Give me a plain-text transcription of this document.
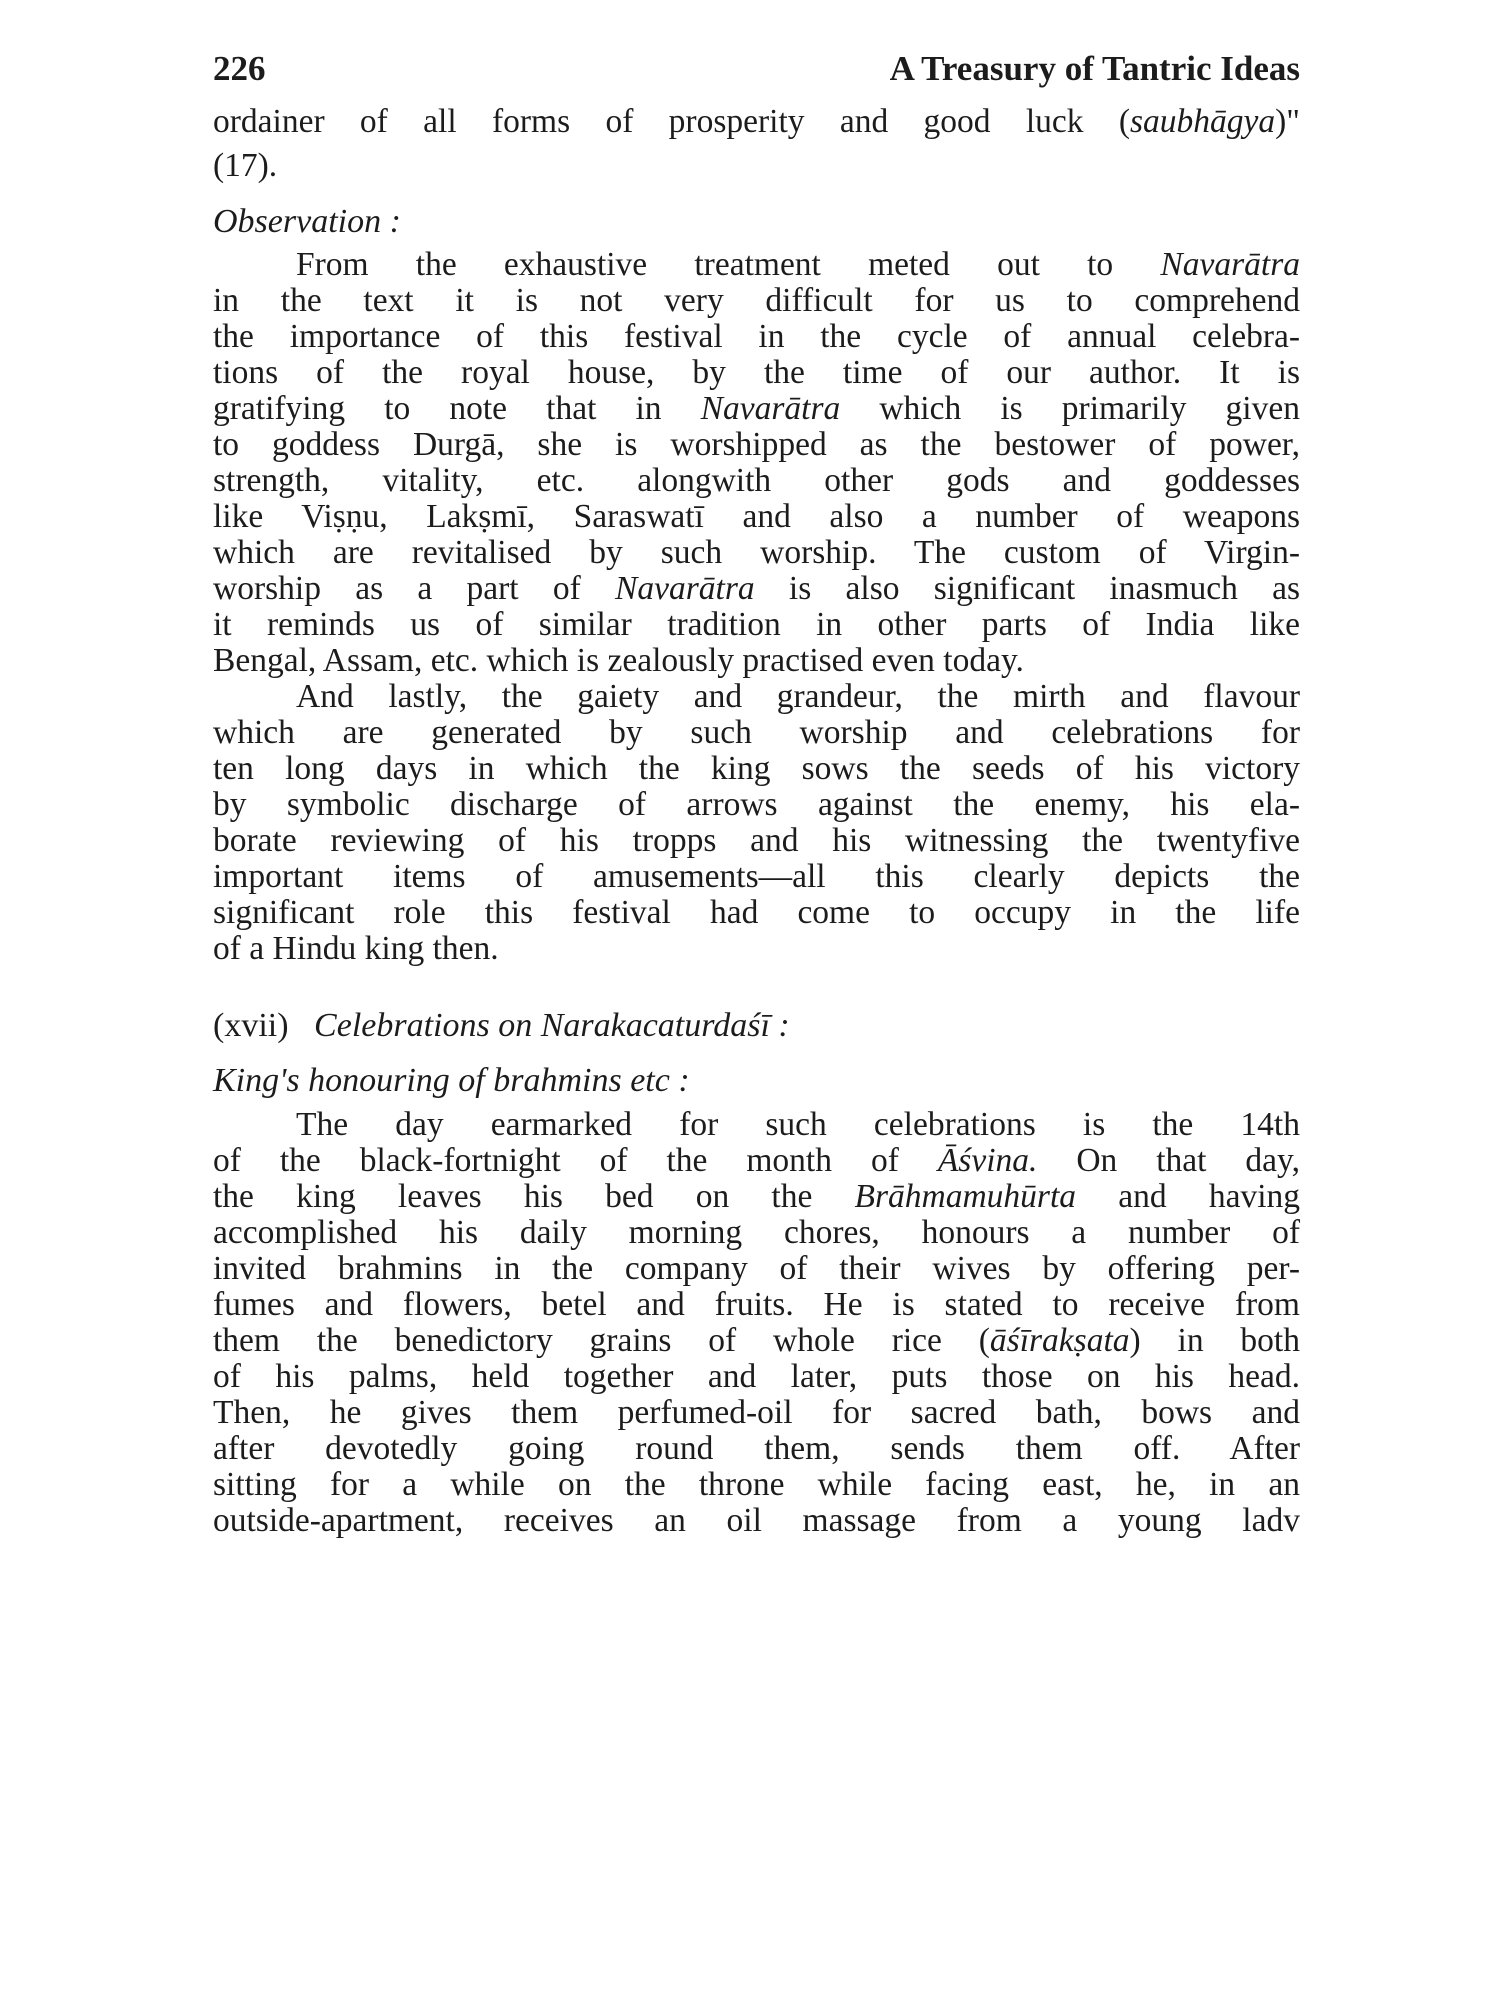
226	A Treasury of Tantric Ideas
ordainer of all forms of prosperity and good luck (saubhāgya)"
(17).
Observation :
From the exhaustive treatment meted out to Navarātra
in the text it is not very difficult for us to comprehend
the importance of this festival in the cycle of annual celebra-
tions of the royal house, by the time of our author. It is
gratifying to note that in Navarātra which is primarily given
to goddess Durgā, she is worshipped as the bestower of power,
strength, vitality, etc. alongwith other gods and goddesses
like Viṣṇu, Lakṣmī, Saraswatī and also a number of weapons
which are revitalised by such worship. The custom of Virgin-
worship as a part of Navarātra is also significant inasmuch as
it reminds us of similar tradition in other parts of India like
Bengal, Assam, etc. which is zealously practised even today.
And lastly, the gaiety and grandeur, the mirth and flavour
which are generated by such worship and celebrations for
ten long days in which the king sows the seeds of his victory
by symbolic discharge of arrows against the enemy, his ela-
borate reviewing of his tropps and his witnessing the twentyfive
important items of amusements—all this clearly depicts the
significant role this festival had come to occupy in the life
of a Hindu king then.
(xvii) Celebrations on Narakacaturdaśī :
King's honouring of brahmins etc :
The day earmarked for such celebrations is the 14th
of the black-fortnight of the month of Āśvina. On that day,
the king leaves his bed on the Brāhmamuhūrta and having
accomplished his daily morning chores, honours a number of
invited brahmins in the company of their wives by offering per-
fumes and flowers, betel and fruits. He is stated to receive from
them the benedictory grains of whole rice (āśīrakṣata) in both
of his palms, held together and later, puts those on his head.
Then, he gives them perfumed-oil for sacred bath, bows and
after devotedly going round them, sends them off. After
sitting for a while on the throne while facing east, he, in an
outside-apartment, receives an oil massage from a young ladv
